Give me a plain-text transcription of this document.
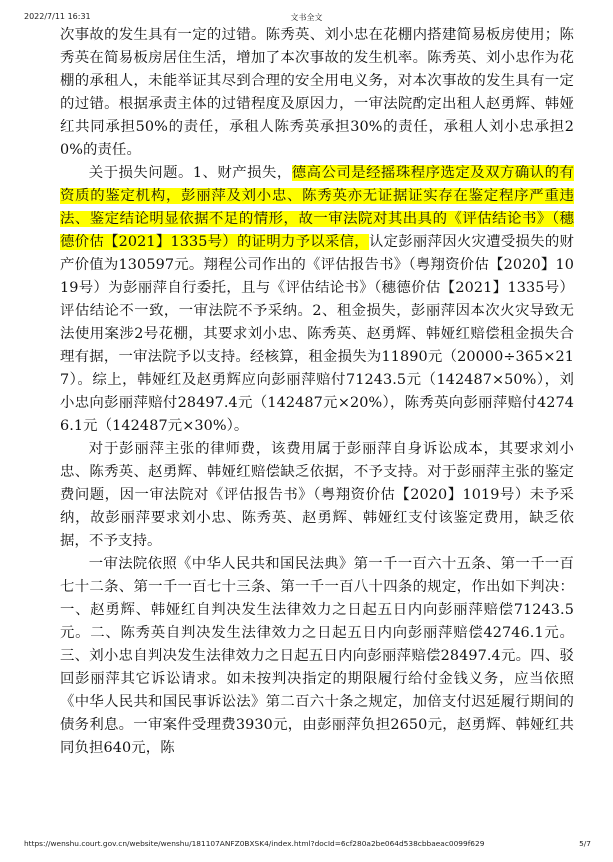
2022/7/11 16:31	文书全文

次事故的发生具有一定的过错。陈秀英、刘小忠在花棚内搭建简易板房使用；陈秀英在简易板房居住生活，增加了本次事故的发生机率。陈秀英、刘小忠作为花棚的承租人，未能举证其尽到合理的安全用电义务，对本次事故的发生具有一定的过错。根据承责主体的过错程度及原因力，一审法院酌定出租人赵勇辉、韩娅红共同承担50%的责任，承租人陈秀英承担30%的责任，承租人刘小忠承担20%的责任。

关于损失问题。1、财产损失，德高公司是经摇珠程序选定及双方确认的有资质的鉴定机构，彭丽萍及刘小忠、陈秀英亦无证据证实存在鉴定程序严重违法、鉴定结论明显依据不足的情形，故一审法院对其出具的《评估结论书》（穗德价估【2021】1335号）的证明力予以采信，认定彭丽萍因火灾遭受损失的财产价值为130597元。翔程公司作出的《评估报告书》（粤翔资价估【2020】1019号）为彭丽萍自行委托，且与《评估结论书》（穗德价估【2021】1335号）评估结论不一致，一审法院不予采纳。2、租金损失，彭丽萍因本次火灾导致无法使用案涉2号花棚，其要求刘小忠、陈秀英、赵勇辉、韩娅红赔偿租金损失合理有据，一审法院予以支持。经核算，租金损失为11890元（20000÷365×217）。综上，韩娅红及赵勇辉应向彭丽萍赔付71243.5元（142487×50%），刘小忠向彭丽萍赔付28497.4元（142487元×20%），陈秀英向彭丽萍赔付42746.1元（142487元×30%）。

对于彭丽萍主张的律师费，该费用属于彭丽萍自身诉讼成本，其要求刘小忠、陈秀英、赵勇辉、韩娅红赔偿缺乏依据，不予支持。对于彭丽萍主张的鉴定费问题，因一审法院对《评估报告书》（粤翔资价估【2020】1019号）未予采纳，故彭丽萍要求刘小忠、陈秀英、赵勇辉、韩娅红支付该鉴定费用，缺乏依据，不予支持。

一审法院依照《中华人民共和国民法典》第一千一百六十五条、第一千一百七十二条、第一千一百七十三条、第一千一百八十四条的规定，作出如下判决：一、赵勇辉、韩娅红自判决发生法律效力之日起五日内向彭丽萍赔偿71243.5元。二、陈秀英自判决发生法律效力之日起五日内向彭丽萍赔偿42746.1元。三、刘小忠自判决发生法律效力之日起五日内向彭丽萍赔偿28497.4元。四、驳回彭丽萍其它诉讼请求。如未按判决指定的期限履行给付金钱义务，应当依照《中华人民共和国民事诉讼法》第二百六十条之规定，加倍支付迟延履行期间的债务利息。一审案件受理费3930元，由彭丽萍负担2650元，赵勇辉、韩娅红共同负担640元，陈

https://wenshu.court.gov.cn/website/wenshu/181107ANFZ0BXSK4/index.html?docId=6cf280a2be064d538cbbaeac0099f629	5/7
